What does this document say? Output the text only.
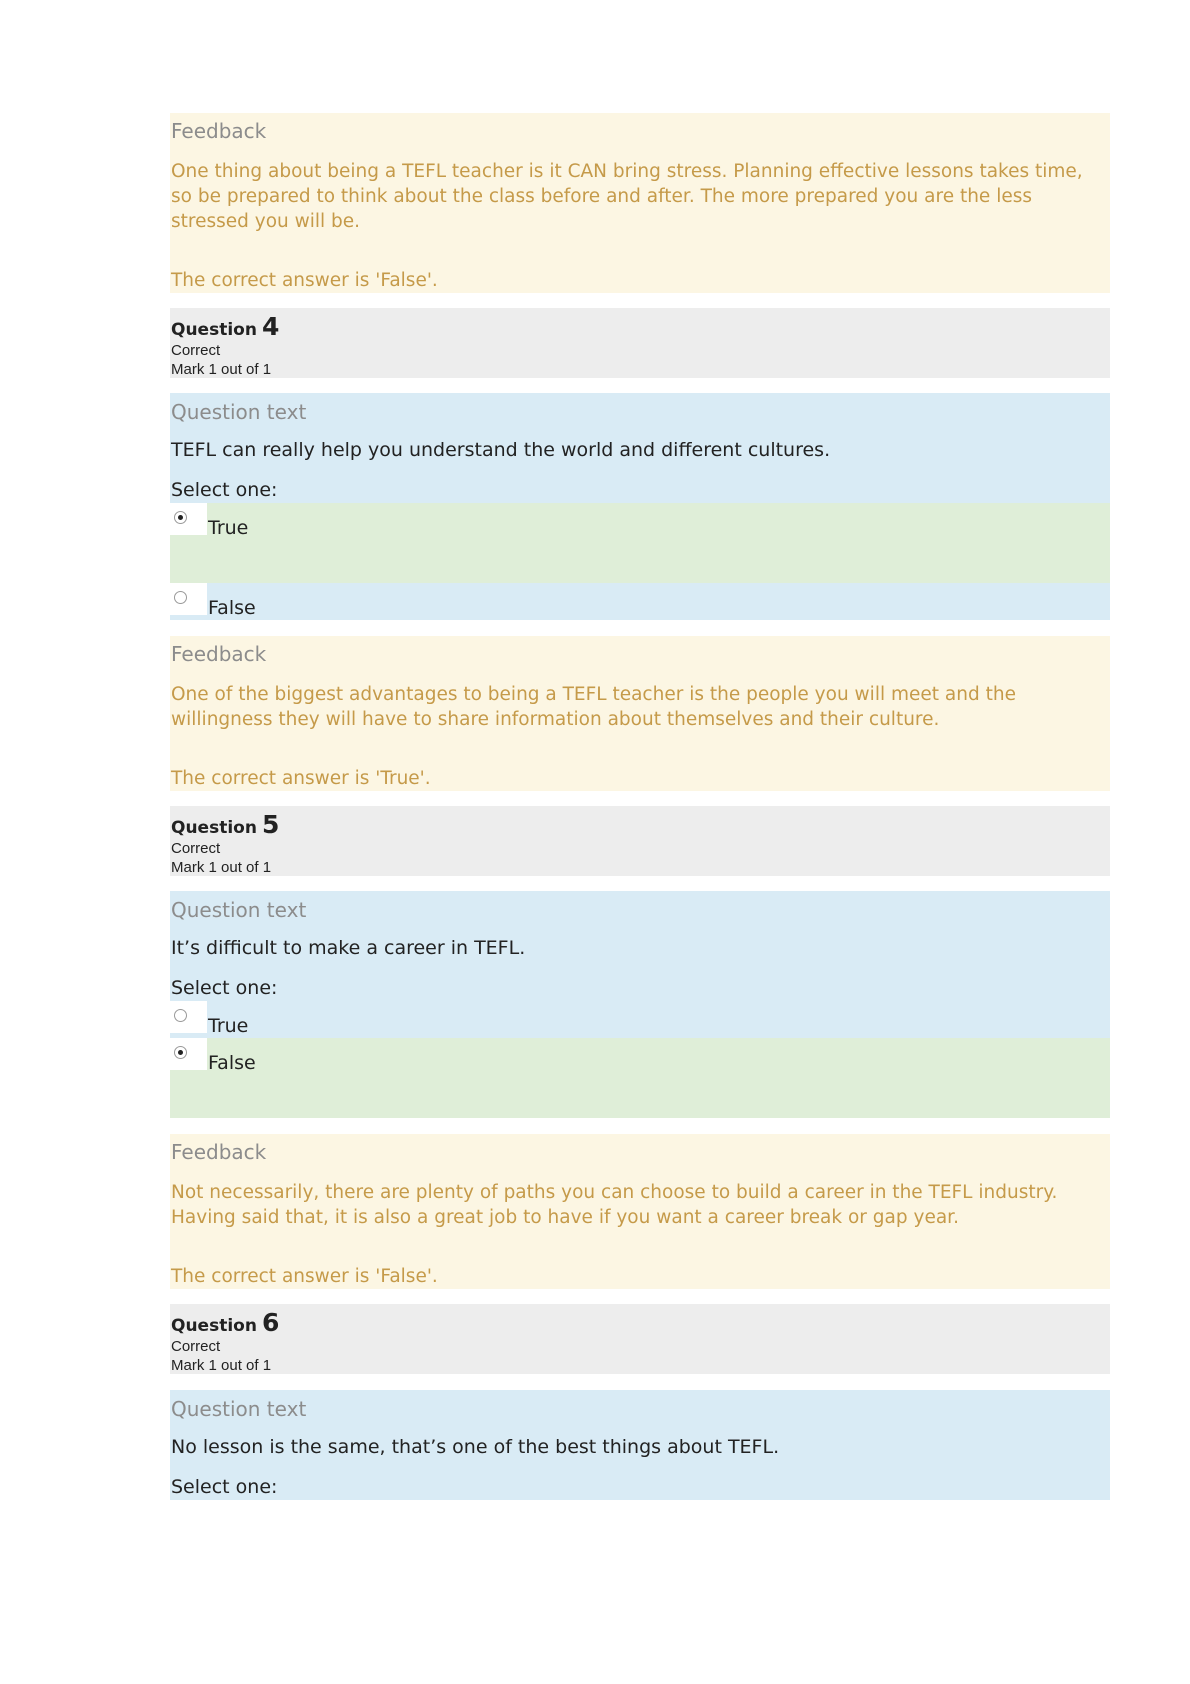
Feedback

One thing about being a TEFL teacher is it CAN bring stress. Planning effective lessons takes time, so be prepared to think about the class before and after. The more prepared you are the less stressed you will be.

The correct answer is 'False'.
Question 4
Correct
Mark 1 out of 1
Question text
TEFL can really help you understand the world and different cultures.
Select one:
True
False
Feedback

One of the biggest advantages to being a TEFL teacher is the people you will meet and the willingness they will have to share information about themselves and their culture.

The correct answer is 'True'.
Question 5
Correct
Mark 1 out of 1
Question text
It’s difficult to make a career in TEFL.
Select one:
True
False
Feedback

Not necessarily, there are plenty of paths you can choose to build a career in the TEFL industry. Having said that, it is also a great job to have if you want a career break or gap year.

The correct answer is 'False'.
Question 6
Correct
Mark 1 out of 1
Question text
No lesson is the same, that’s one of the best things about TEFL.
Select one:
